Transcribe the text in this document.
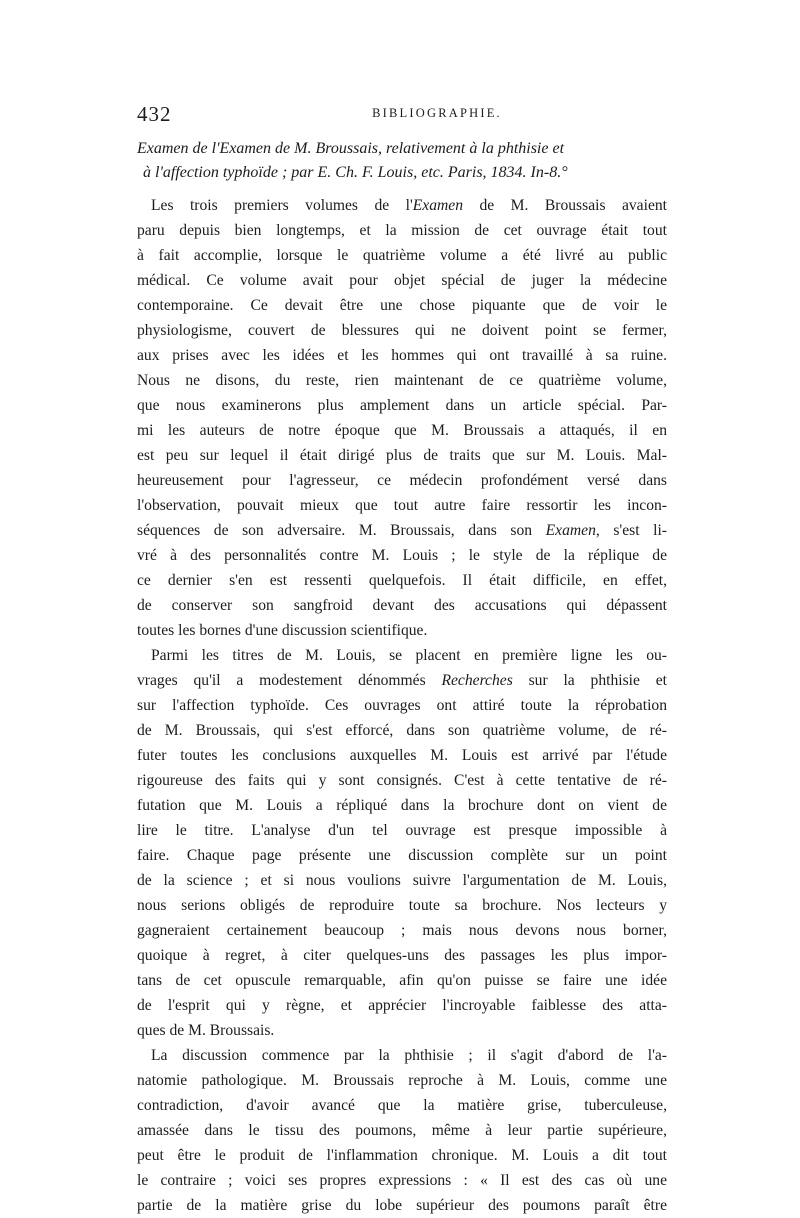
432	BIBLIOGRAPHIE.
Examen de l'Examen de M. Broussais, relativement à la phthisie et
à l'affection typhoïde ; par E. Ch. F. Louis, etc. Paris, 1834. In-8.°
Les trois premiers volumes de l'Examen de M. Broussais avaient
paru depuis bien longtemps, et la mission de cet ouvrage était tout
à fait accomplie, lorsque le quatrième volume a été livré au public
médical. Ce volume avait pour objet spécial de juger la médecine
contemporaine. Ce devait être une chose piquante que de voir le
physiologisme, couvert de blessures qui ne doivent point se fermer,
aux prises avec les idées et les hommes qui ont travaillé à sa ruine.
Nous ne disons, du reste, rien maintenant de ce quatrième volume,
que nous examinerons plus amplement dans un article spécial. Par-
mi les auteurs de notre époque que M. Broussais a attaqués, il en
est peu sur lequel il était dirigé plus de traits que sur M. Louis. Mal-
heureusement pour l'agresseur, ce médecin profondément versé dans
l'observation, pouvait mieux que tout autre faire ressortir les incon-
séquences de son adversaire. M. Broussais, dans son Examen, s'est li-
vré à des personnalités contre M. Louis ; le style de la réplique de
ce dernier s'en est ressenti quelquefois. Il était difficile, en effet,
de conserver son sangfroid devant des accusations qui dépassent
toutes les bornes d'une discussion scientifique.
Parmi les titres de M. Louis, se placent en première ligne les ou-
vrages qu'il a modestement dénommés Recherches sur la phthisie et
sur l'affection typhoïde. Ces ouvrages ont attiré toute la réprobation
de M. Broussais, qui s'est efforcé, dans son quatrième volume, de ré-
futer toutes les conclusions auxquelles M. Louis est arrivé par l'étude
rigoureuse des faits qui y sont consignés. C'est à cette tentative de ré-
futation que M. Louis a répliqué dans la brochure dont on vient de
lire le titre. L'analyse d'un tel ouvrage est presque impossible à
faire. Chaque page présente une discussion complète sur un point
de la science ; et si nous voulions suivre l'argumentation de M. Louis,
nous serions obligés de reproduire toute sa brochure. Nos lecteurs y
gagneraient certainement beaucoup ; mais nous devons nous borner,
quoique à regret, à citer quelques-uns des passages les plus impor-
tans de cet opuscule remarquable, afin qu'on puisse se faire une idée
de l'esprit qui y règne, et apprécier l'incroyable faiblesse des atta-
ques de M. Broussais.
La discussion commence par la phthisie ; il s'agit d'abord de l'a-
natomie pathologique. M. Broussais reproche à M. Louis, comme une
contradiction, d'avoir avancé que la matière grise, tuberculeuse,
amassée dans le tissu des poumons, même à leur partie supérieure,
peut être le produit de l'inflammation chronique. M. Louis a dit tout
le contraire ; voici ses propres expressions : « Il est des cas où une
partie de la matière grise du lobe supérieur des poumons paraît être
